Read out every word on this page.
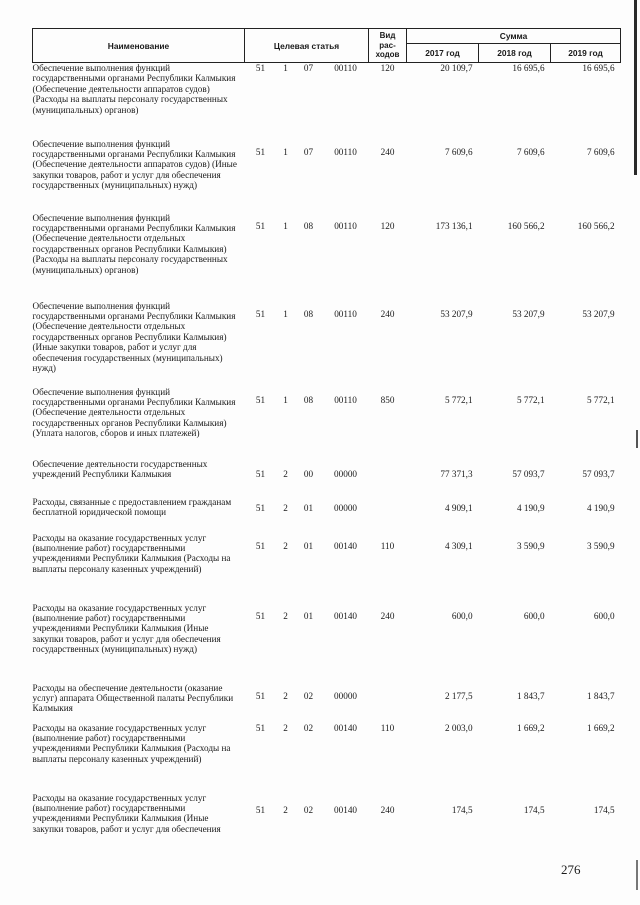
Наименование	Целевая статья				Вид рас-ходов	Сумма		
						2017 год	2018 год	2019 год
Обеспечение выполнения функций государственными органами Республики Калмыкия (Обеспечение деятельности аппаратов судов) (Расходы на выплаты персоналу государственных (муниципальных) органов)	51	1	07	00110	120	20 109,7	16 695,6	16 695,6
Обеспечение выполнения функций государственными органами Республики Калмыкия (Обеспечение деятельности аппаратов судов) (Иные закупки товаров, работ и услуг для обеспечения государственных (муниципальных) нужд)	51	1	07	00110	240	7 609,6	7 609,6	7 609,6
Обеспечение выполнения функций государственными органами Республики Калмыкия (Обеспечение деятельности отдельных государственных органов Республики Калмыкия) (Расходы на выплаты персоналу государственных (муниципальных) органов)	51	1	08	00110	120	173 136,1	160 566,2	160 566,2
Обеспечение выполнения функций государственными органами Республики Калмыкия (Обеспечение деятельности отдельных государственных органов Республики Калмыкия) (Иные закупки товаров, работ и услуг для обеспечения государственных (муниципальных) нужд)	51	1	08	00110	240	53 207,9	53 207,9	53 207,9
Обеспечение выполнения функций государственными органами Республики Калмыкия (Обеспечение деятельности отдельных государственных органов Республики Калмыкия) (Уплата налогов, сборов и иных платежей)	51	1	08	00110	850	5 772,1	5 772,1	5 772,1
Обеспечение деятельности государственных учреждений Республики Калмыкия	51	2	00	00000		77 371,3	57 093,7	57 093,7
Расходы, связанные с предоставлением гражданам бесплатной юридической помощи	51	2	01	00000		4 909,1	4 190,9	4 190,9
Расходы на оказание государственных услуг (выполнение работ) государственными учреждениями Республики Калмыкия (Расходы на выплаты персоналу казенных учреждений)	51	2	01	00140	110	4 309,1	3 590,9	3 590,9
Расходы на оказание государственных услуг (выполнение работ) государственными учреждениями Республики Калмыкия (Иные закупки товаров, работ и услуг для обеспечения государственных (муниципальных) нужд)	51	2	01	00140	240	600,0	600,0	600,0
Расходы на обеспечение деятельности (оказание услуг) аппарата Общественной палаты Республики Калмыкия	51	2	02	00000		2 177,5	1 843,7	1 843,7
Расходы на оказание государственных услуг (выполнение работ) государственными учреждениями Республики Калмыкия (Расходы на выплаты персоналу казенных учреждений)	51	2	02	00140	110	2 003,0	1 669,2	1 669,2
Расходы на оказание государственных услуг (выполнение работ) государственными учреждениями Республики Калмыкия (Иные закупки товаров, работ и услуг для обеспечения	51	2	02	00140	240	174,5	174,5	174,5
276
